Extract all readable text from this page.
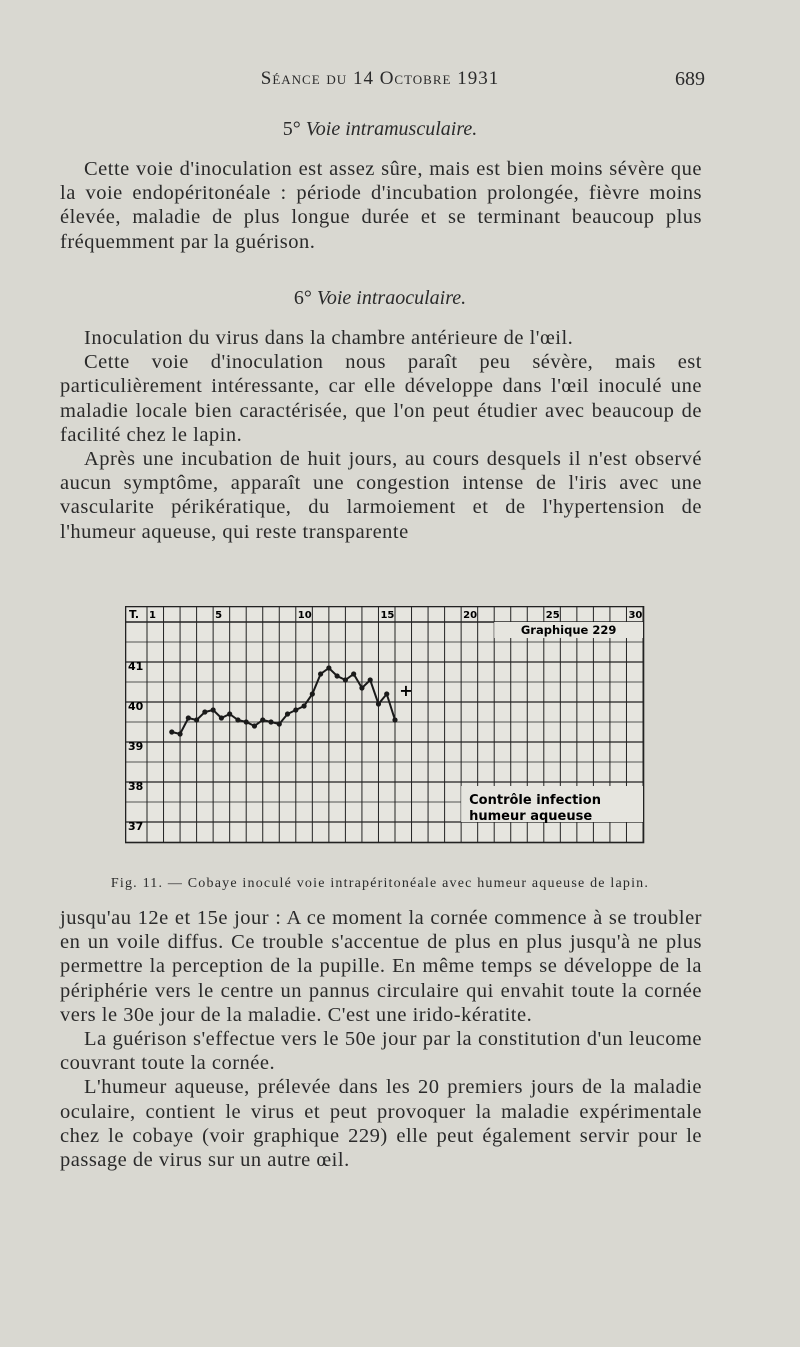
Séance du 14 Octobre 1931	689
5° Voie intramusculaire.

Cette voie d'inoculation est assez sûre, mais est bien moins sévère que la voie endopéritonéale : période d'incubation prolongée, fièvre moins élevée, maladie de plus longue durée et se terminant beaucoup plus fréquemment par la guérison.

6° Voie intraoculaire.

Inoculation du virus dans la chambre antérieure de l'œil.

Cette voie d'inoculation nous paraît peu sévère, mais est particulièrement intéressante, car elle développe dans l'œil inoculé une maladie locale bien caractérisée, que l'on peut étudier avec beaucoup de facilité chez le lapin.

Après une incubation de huit jours, au cours desquels il n'est observé aucun symptôme, apparaît une congestion intense de l'iris avec une vascularite périkératique, du larmoiement et de l'hypertension de l'humeur aqueuse, qui reste transparente

T. 1	5	10	15	20	25	30
41
40
39
38
37
Graphique 229
+
Contrôle infection
humeur aqueuse
Fig. 11. — Cobaye inoculé voie intrapéritonéale avec humeur aqueuse de lapin.

jusqu'au 12e et 15e jour : A ce moment la cornée commence à se troubler en un voile diffus. Ce trouble s'accentue de plus en plus jusqu'à ne plus permettre la perception de la pupille. En même temps se développe de la périphérie vers le centre un pannus circulaire qui envahit toute la cornée vers le 30e jour de la maladie. C'est une irido-kératite.

La guérison s'effectue vers le 50e jour par la constitution d'un leucome couvrant toute la cornée.

L'humeur aqueuse, prélevée dans les 20 premiers jours de la maladie oculaire, contient le virus et peut provoquer la maladie expérimentale chez le cobaye (voir graphique 229) elle peut également servir pour le passage de virus sur un autre œil.
